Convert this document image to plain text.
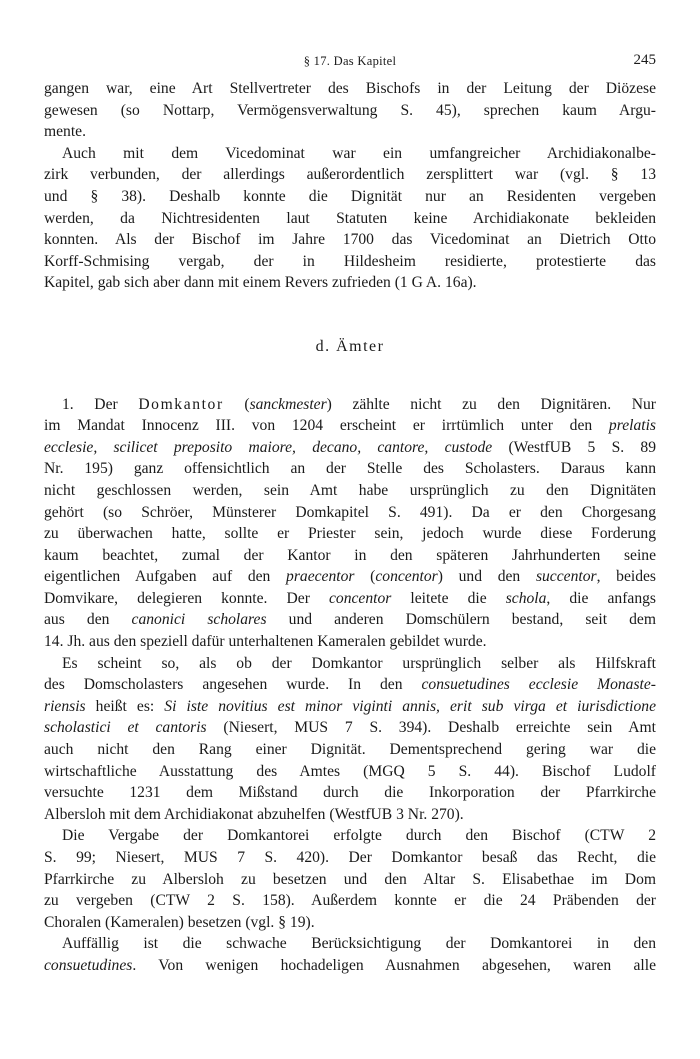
§ 17. Das Kapitel	245

gangen war, eine Art Stellvertreter des Bischofs in der Leitung der Diözese
gewesen (so Nottarp, Vermögensverwaltung S. 45), sprechen kaum Argu-
mente.

Auch mit dem Vicedominat war ein umfangreicher Archidiakonalbe-
zirk verbunden, der allerdings außerordentlich zersplittert war (vgl. § 13
und § 38). Deshalb konnte die Dignität nur an Residenten vergeben
werden, da Nichtresidenten laut Statuten keine Archidiakonate bekleiden
konnten. Als der Bischof im Jahre 1700 das Vicedominat an Dietrich Otto
Korff-Schmising vergab, der in Hildesheim residierte, protestierte das
Kapitel, gab sich aber dann mit einem Revers zufrieden (1 G A. 16a).

d. Ämter

1. Der Domkantor (sanckmester) zählte nicht zu den Dignitären. Nur
im Mandat Innocenz III. von 1204 erscheint er irrtümlich unter den prelatis
ecclesie, scilicet preposito maiore, decano, cantore, custode (WestfUB 5 S. 89
Nr. 195) ganz offensichtlich an der Stelle des Scholasters. Daraus kann
nicht geschlossen werden, sein Amt habe ursprünglich zu den Dignitäten
gehört (so Schröer, Münsterer Domkapitel S. 491). Da er den Chorgesang
zu überwachen hatte, sollte er Priester sein, jedoch wurde diese Forderung
kaum beachtet, zumal der Kantor in den späteren Jahrhunderten seine
eigentlichen Aufgaben auf den praecentor (concentor) und den succentor, beides
Domvikare, delegieren konnte. Der concentor leitete die schola, die anfangs
aus den canonici scholares und anderen Domschülern bestand, seit dem
14. Jh. aus den speziell dafür unterhaltenen Kameralen gebildet wurde.

Es scheint so, als ob der Domkantor ursprünglich selber als Hilfskraft
des Domscholasters angesehen wurde. In den consuetudines ecclesie Monaste-
riensis heißt es: Si iste novitius est minor viginti annis, erit sub virga et iurisdictione
scholastici et cantoris (Niesert, MUS 7 S. 394). Deshalb erreichte sein Amt
auch nicht den Rang einer Dignität. Dementsprechend gering war die
wirtschaftliche Ausstattung des Amtes (MGQ 5 S. 44). Bischof Ludolf
versuchte 1231 dem Mißstand durch die Inkorporation der Pfarrkirche
Albersloh mit dem Archidiakonat abzuhelfen (WestfUB 3 Nr. 270).

Die Vergabe der Domkantorei erfolgte durch den Bischof (CTW 2
S. 99; Niesert, MUS 7 S. 420). Der Domkantor besaß das Recht, die
Pfarrkirche zu Albersloh zu besetzen und den Altar S. Elisabethae im Dom
zu vergeben (CTW 2 S. 158). Außerdem konnte er die 24 Präbenden der
Choralen (Kameralen) besetzen (vgl. § 19).

Auffällig ist die schwache Berücksichtigung der Domkantorei in den
consuetudines. Von wenigen hochadeligen Ausnahmen abgesehen, waren alle
